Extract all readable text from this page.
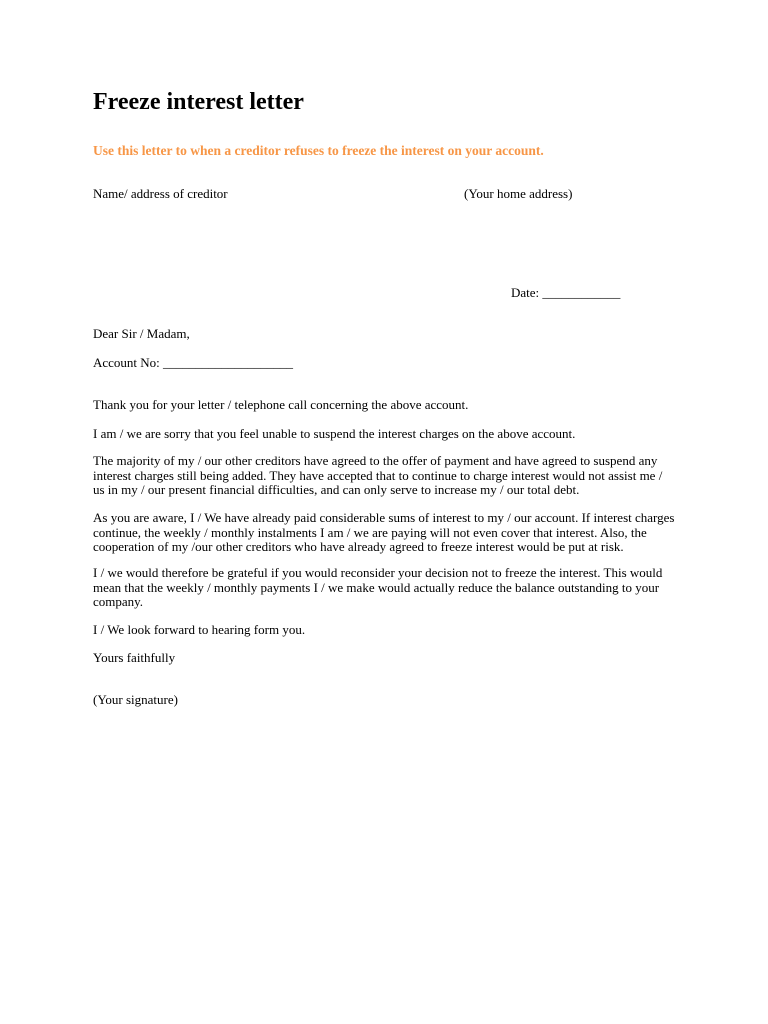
Freeze interest letter

Use this letter to when a creditor refuses to freeze the interest on your account.

Name/ address of creditor	(Your home address)

Date: ____________

Dear Sir / Madam,

Account No: ____________________

Thank you for your letter / telephone call concerning the above account.
I am / we are sorry that you feel unable to suspend the interest charges on the above account.
The majority of my / our other creditors have agreed to the offer of payment and have agreed to suspend any
interest charges still being added. They have accepted that to continue to charge interest would not assist me /
us in my / our present financial difficulties, and can only serve to increase my / our total debt.
As you are aware, I / We have already paid considerable sums of interest to my / our account. If interest charges
continue, the weekly / monthly instalments I am / we are paying will not even cover that interest. Also, the
cooperation of my /our other creditors who have already agreed to freeze interest would be put at risk.
I / we would therefore be grateful if you would reconsider your decision not to freeze the interest. This would
mean that the weekly / monthly payments I / we make would actually reduce the balance outstanding to your
company.
I / We look forward to hearing form you.

Yours faithfully

(Your signature)
